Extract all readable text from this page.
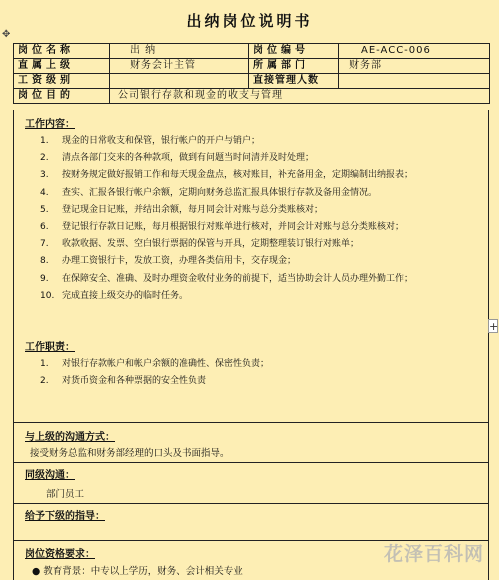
出纳岗位说明书
✥
岗位名称	出 纳	岗位编号	AE-ACC-006
直属上级	财务会计主管	所属部门	财务部
工资级别		直接管理人数	
岗位目的	公司银行存款和现金的收支与管理		
工作内容：
1.	现金的日常收支和保管，银行帐户的开户与销户；
2.	清点各部门交来的各种款项，做到有问题当时问清并及时处理；
3.	按财务规定做好报销工作和每天现金盘点，核对账目，补充备用金，定期编制出纳报表；
4.	查实、汇报各银行帐户余额，定期向财务总监汇报具体银行存款及备用金情况。
5.	登记现金日记账，并结出余额，每月同会计对账与总分类账核对；
6.	登记银行存款日记账，每月根据银行对账单进行核对，并同会计对账与总分类账核对；
7.	收款收据、发票、空白银行票据的保管与开具，定期整理装订银行对账单；
8.	办理工资银行卡，发放工资，办理各类信用卡，交存现金；
9.	在保障安全、准确、及时办理资金收付业务的前提下，适当协助会计人员办理外勤工作；
10. 完成直接上级交办的临时任务。
+
工作职责：
1.	对银行存款帐户和帐户余额的准确性、保密性负责；
2.	对货币资金和各种票据的安全性负责
与上级的沟通方式：
接受财务总监和财务部经理的口头及书面指导。
同级沟通：
部门员工
给予下级的指导：
岗位资格要求：
● 教育背景：中专以上学历，财务、会计相关专业
花泽百科网
